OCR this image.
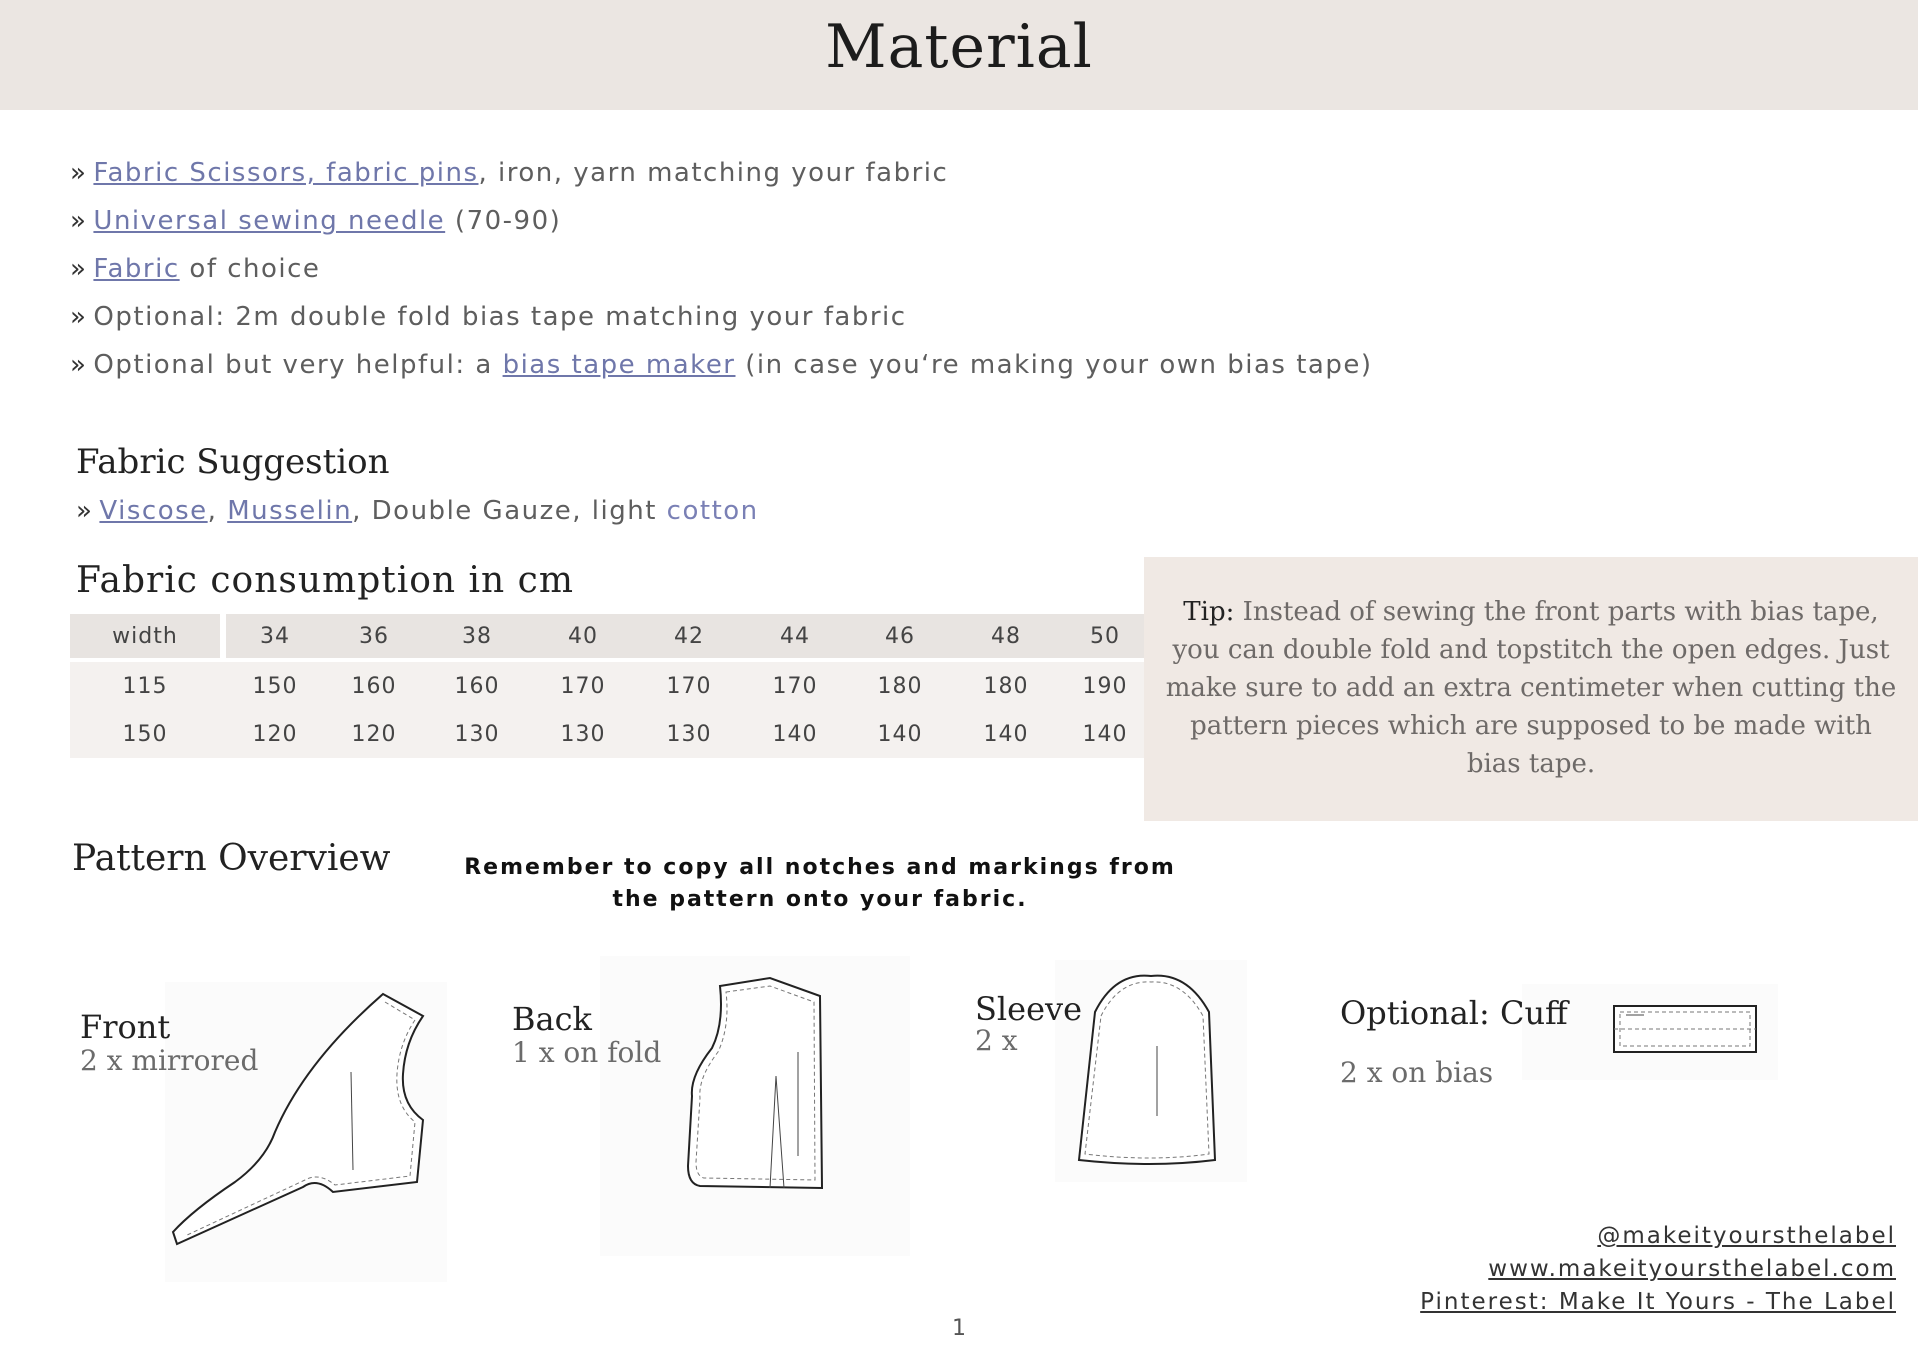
Material
» Fabric Scissors, fabric pins, iron, yarn matching your fabric
» Universal sewing needle (70-90)
» Fabric of choice
» Optional: 2m double fold bias tape matching your fabric
» Optional but very helpful: a bias tape maker (in case you‘re making your own bias tape)
Fabric Suggestion
» Viscose, Musselin, Double Gauze, light cotton
Fabric consumption in cm
width		34	36	38	40	42	44	46	48	50

115		150	160	160	170	170	170	180	180	190
150		120	120	130	130	130	140	140	140	140

Tip: Instead of sewing the front parts with bias tape, you can double fold and topstitch the open edges. Just make sure to add an extra centimeter when cutting the pattern pieces which are supposed to be made with bias tape.

Pattern Overview	Remember to copy all notches and markings from
the pattern onto your fabric.
Front
2 x mirrored
Back
1 x on fold
Sleeve
2 x
Optional: Cuff
2 x on bias
@makeityoursthelabel
www.makeityoursthelabel.com
Pinterest: Make It Yours - The Label
1
